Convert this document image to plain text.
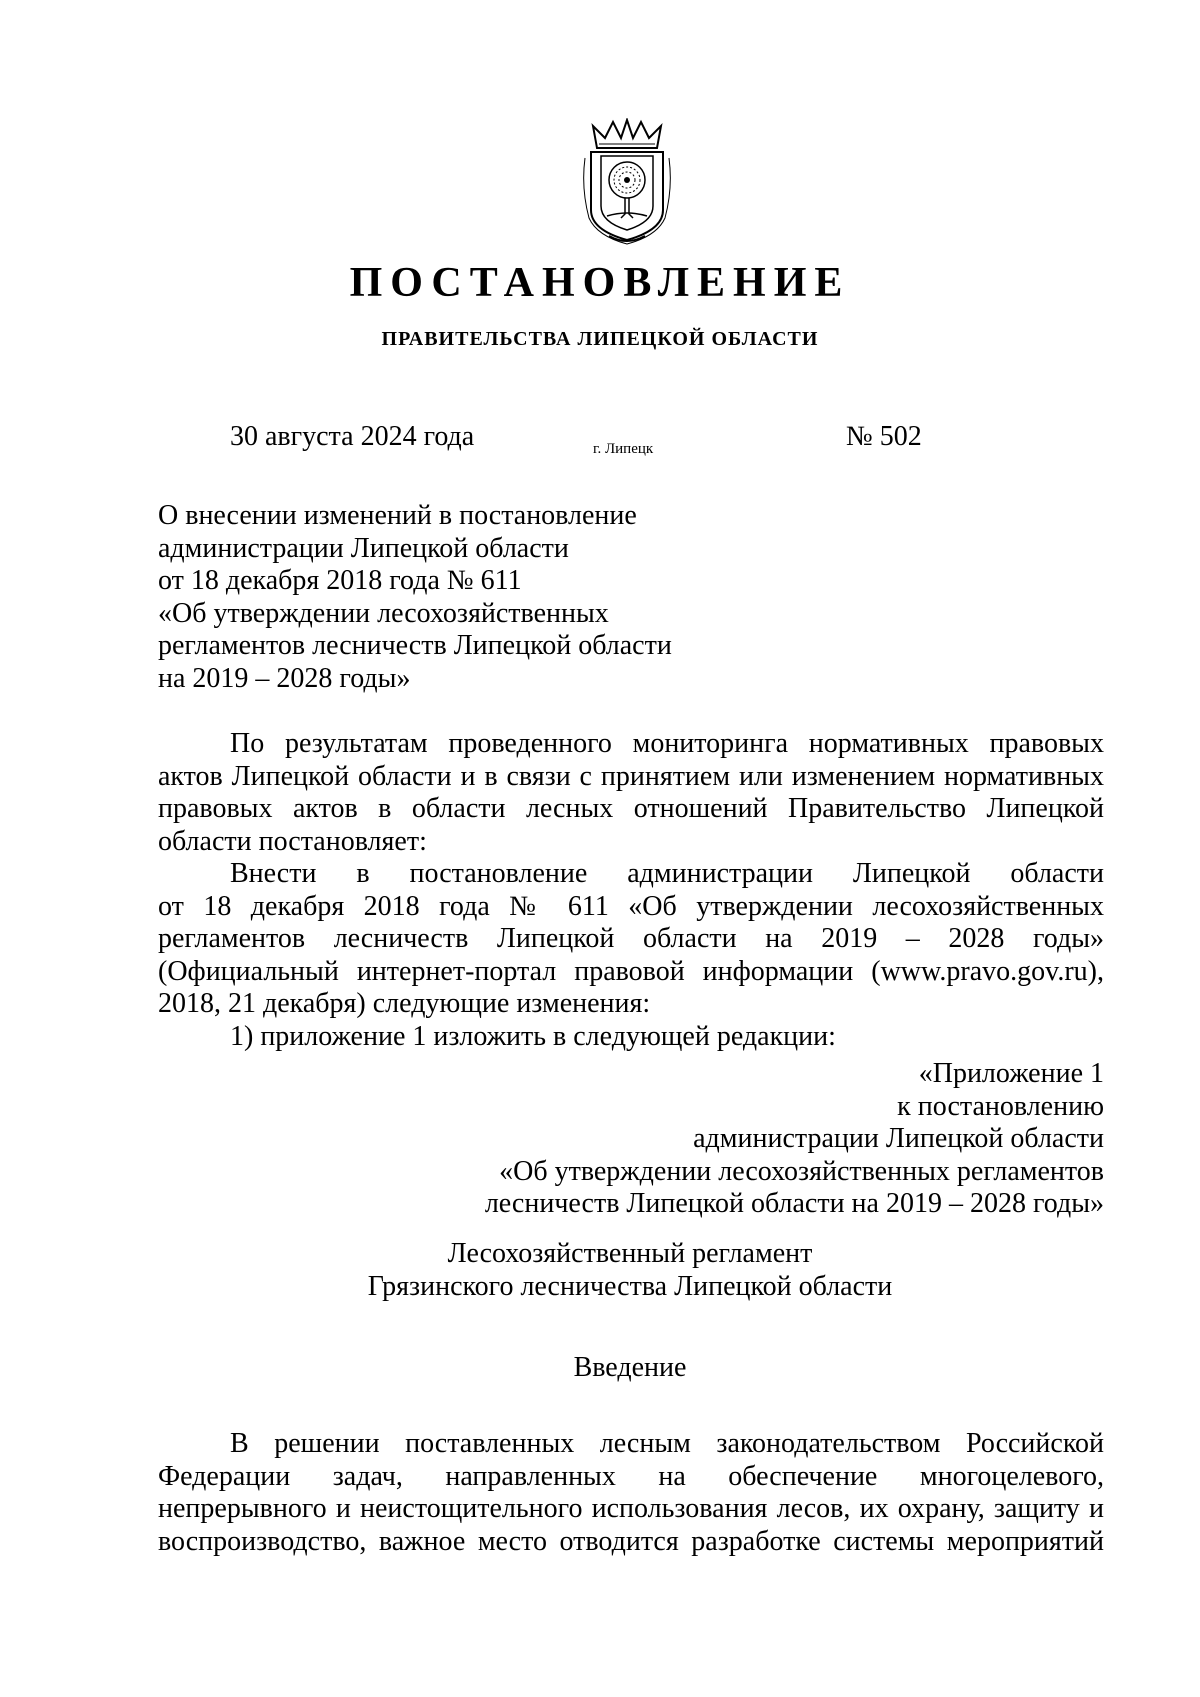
ПОСТАНОВЛЕНИЕ
ПРАВИТЕЛЬСТВА ЛИПЕЦКОЙ ОБЛАСТИ
30 августа 2024 года	г. Липецк	№ 502
О внесении изменений в постановление
администрации Липецкой области
от 18 декабря 2018 года № 611
«Об утверждении лесохозяйственных
регламентов лесничеств Липецкой области
на 2019 – 2028 годы»
По результатам проведенного мониторинга нормативных правовых
актов Липецкой области и в связи с принятием или изменением нормативных
правовых актов в области лесных отношений Правительство Липецкой
области постановляет:
Внести в постановление администрации Липецкой области
от 18 декабря 2018 года № 611 «Об утверждении лесохозяйственных
регламентов лесничеств Липецкой области на 2019 – 2028 годы»
(Официальный интернет-портал правовой информации (www.pravo.gov.ru),
2018, 21 декабря) следующие изменения:
1) приложение 1 изложить в следующей редакции:
«Приложение 1
к постановлению
администрации Липецкой области
«Об утверждении лесохозяйственных регламентов
лесничеств Липецкой области на 2019 – 2028 годы»
Лесохозяйственный регламент
Грязинского лесничества Липецкой области
Введение
В решении поставленных лесным законодательством Российской
Федерации задач, направленных на обеспечение многоцелевого,
непрерывного и неистощительного использования лесов, их охрану, защиту и
воспроизводство, важное место отводится разработке системы мероприятий
